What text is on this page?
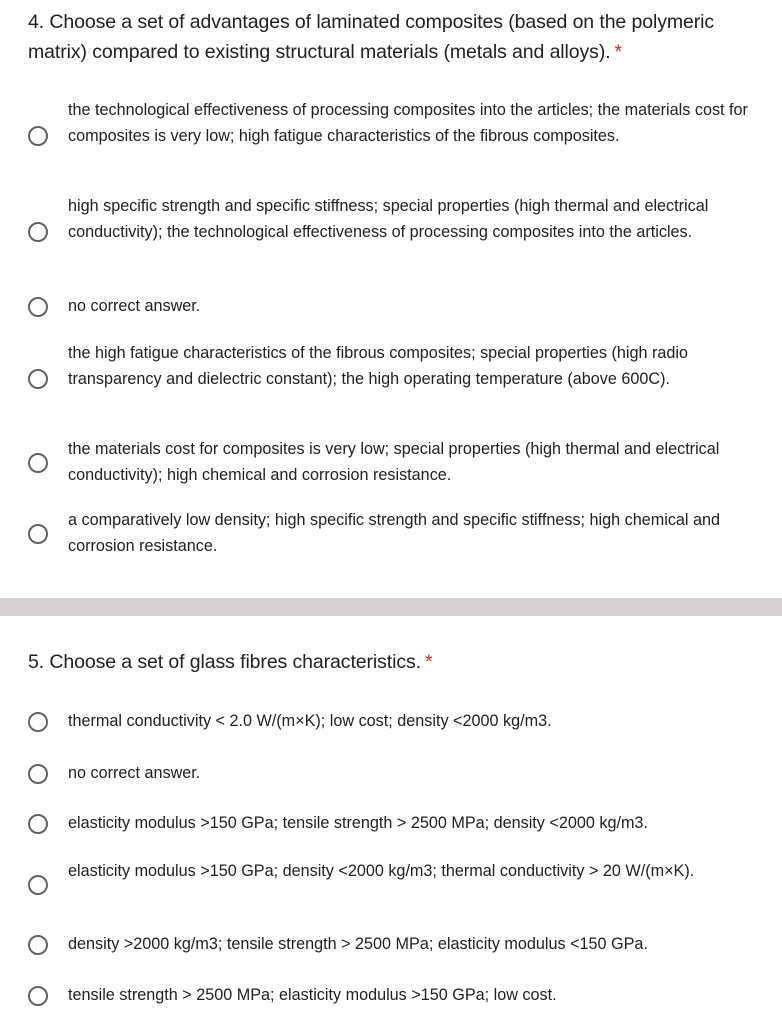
4. Choose a set of advantages of laminated composites (based on the polymeric matrix) compared to existing structural materials (metals and alloys). *
the technological effectiveness of processing composites into the articles; the materials cost for composites is very low; high fatigue characteristics of the fibrous composites.
high specific strength and specific stiffness; special properties (high thermal and electrical conductivity); the technological effectiveness of processing composites into the articles.
no correct answer.
the high fatigue characteristics of the fibrous composites; special properties (high radio transparency and dielectric constant); the high operating temperature (above 600C).
the materials cost for composites is very low; special properties (high thermal and electrical conductivity); high chemical and corrosion resistance.
a comparatively low density; high specific strength and specific stiffness; high chemical and corrosion resistance.
5. Choose a set of glass fibres characteristics. *
thermal conductivity < 2.0 W/(m×K); low cost; density <2000 kg/m3.
no correct answer.
elasticity modulus >150 GPa; tensile strength > 2500 MPa; density <2000 kg/m3.
elasticity modulus >150 GPa; density <2000 kg/m3; thermal conductivity > 20 W/(m×K).
density >2000 kg/m3; tensile strength > 2500 MPa; elasticity modulus <150 GPa.
tensile strength > 2500 MPa; elasticity modulus >150 GPa; low cost.
